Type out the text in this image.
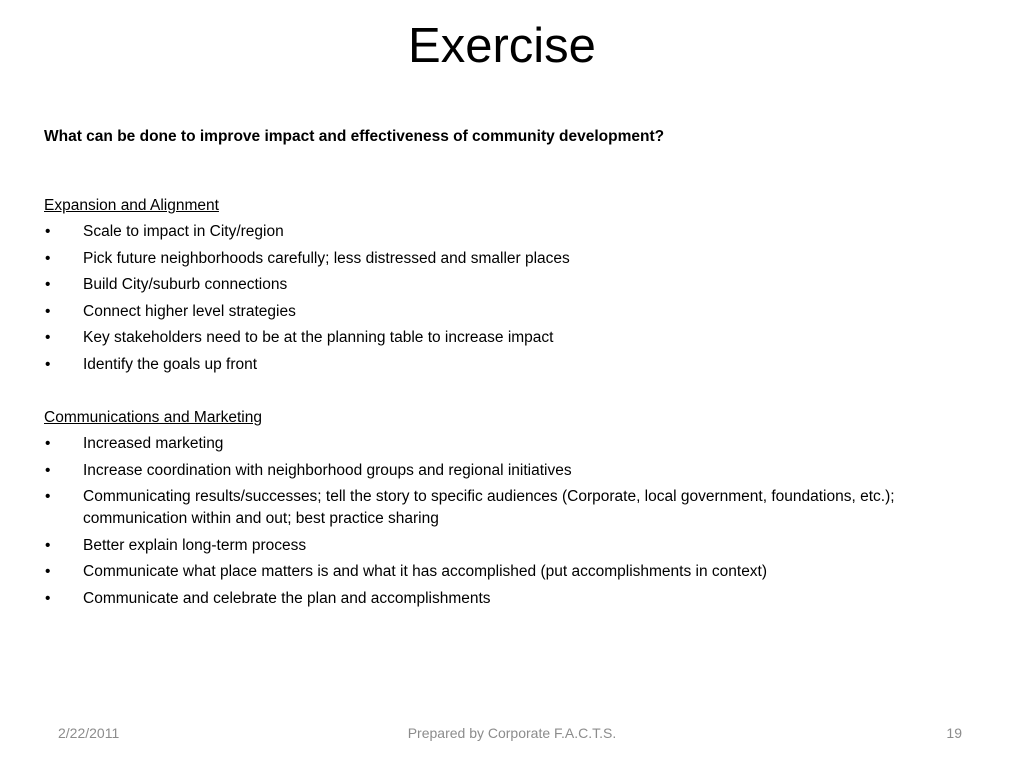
Exercise
What can be done to improve impact and effectiveness of community development?
Expansion and Alignment
• Scale to impact in City/region
• Pick future neighborhoods carefully; less distressed and smaller places
• Build City/suburb connections
• Connect higher level strategies
• Key stakeholders need to be at the planning table to increase impact
• Identify the goals up front
Communications and Marketing
• Increased marketing
• Increase coordination with neighborhood groups and regional initiatives
• Communicating results/successes; tell the story to specific audiences (Corporate, local government, foundations, etc.); communication within and out; best practice sharing
• Better explain long-term process
• Communicate what place matters is and what it has accomplished (put accomplishments in context)
• Communicate and celebrate the plan and accomplishments
2/22/2011	Prepared by Corporate F.A.C.T.S.	19
